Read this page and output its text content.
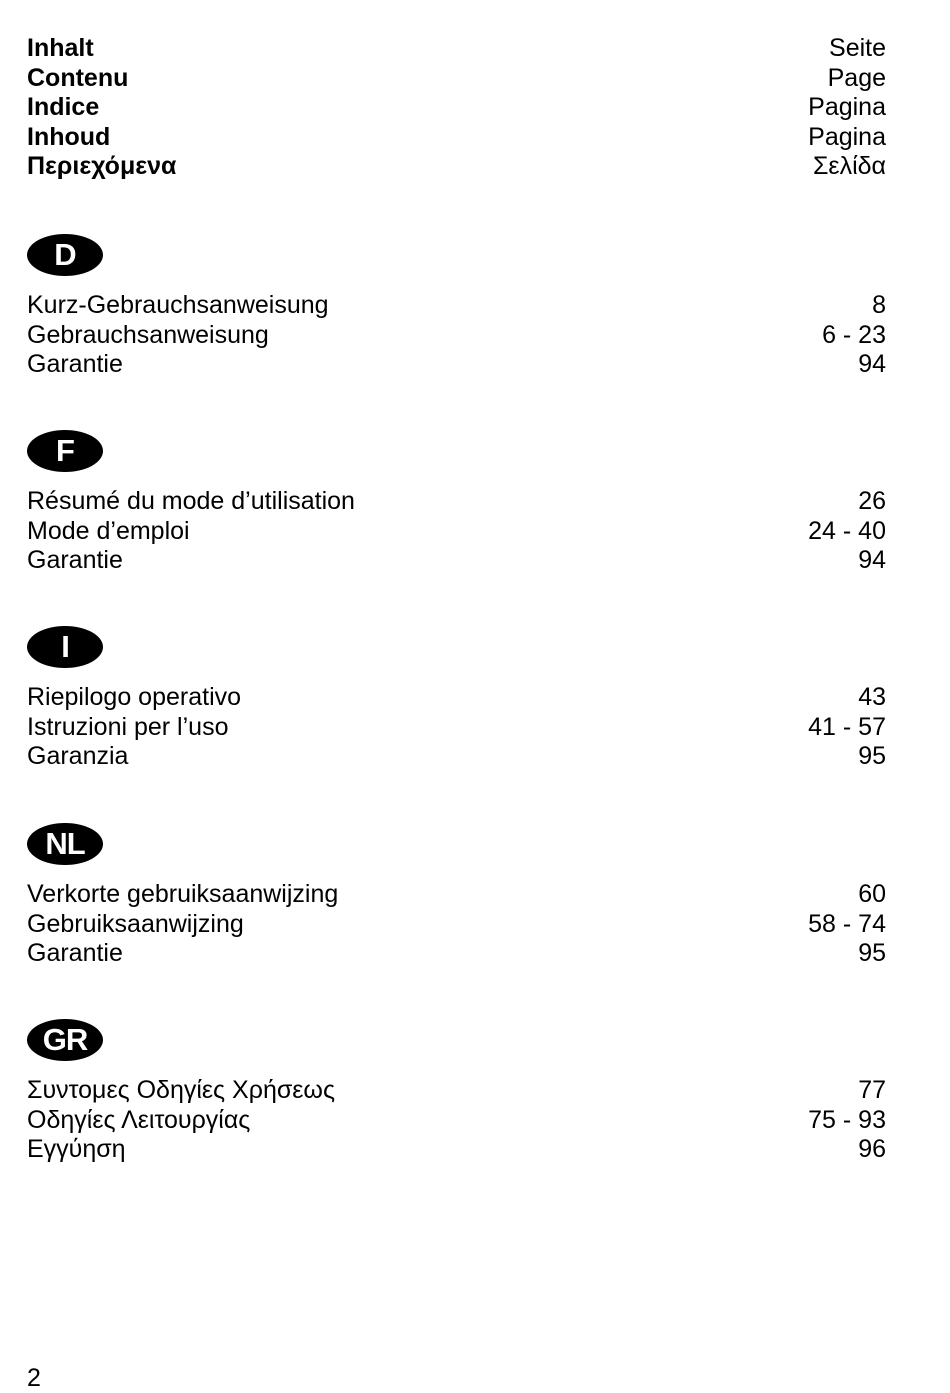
Inhalt	Seite
Contenu	Page
Indice	Pagina
Inhoud	Pagina
Περιεχόμενα	Σελίδα
D
Kurz-Gebrauchsanweisung	8
Gebrauchsanweisung	6 - 23
Garantie	94
F
Résumé du mode d’utilisation	26
Mode d’emploi	24 - 40
Garantie	94
I
Riepilogo operativo	43
Istruzioni per l’uso	41 - 57
Garanzia	95
NL
Verkorte gebruiksaanwijzing	60
Gebruiksaanwijzing	58 - 74
Garantie	95
GR
Συντομες Οδηγίες Χρήσεως	77
Οδηγίες Λειτουργίας	75 - 93
Εγγύηση	96
2
